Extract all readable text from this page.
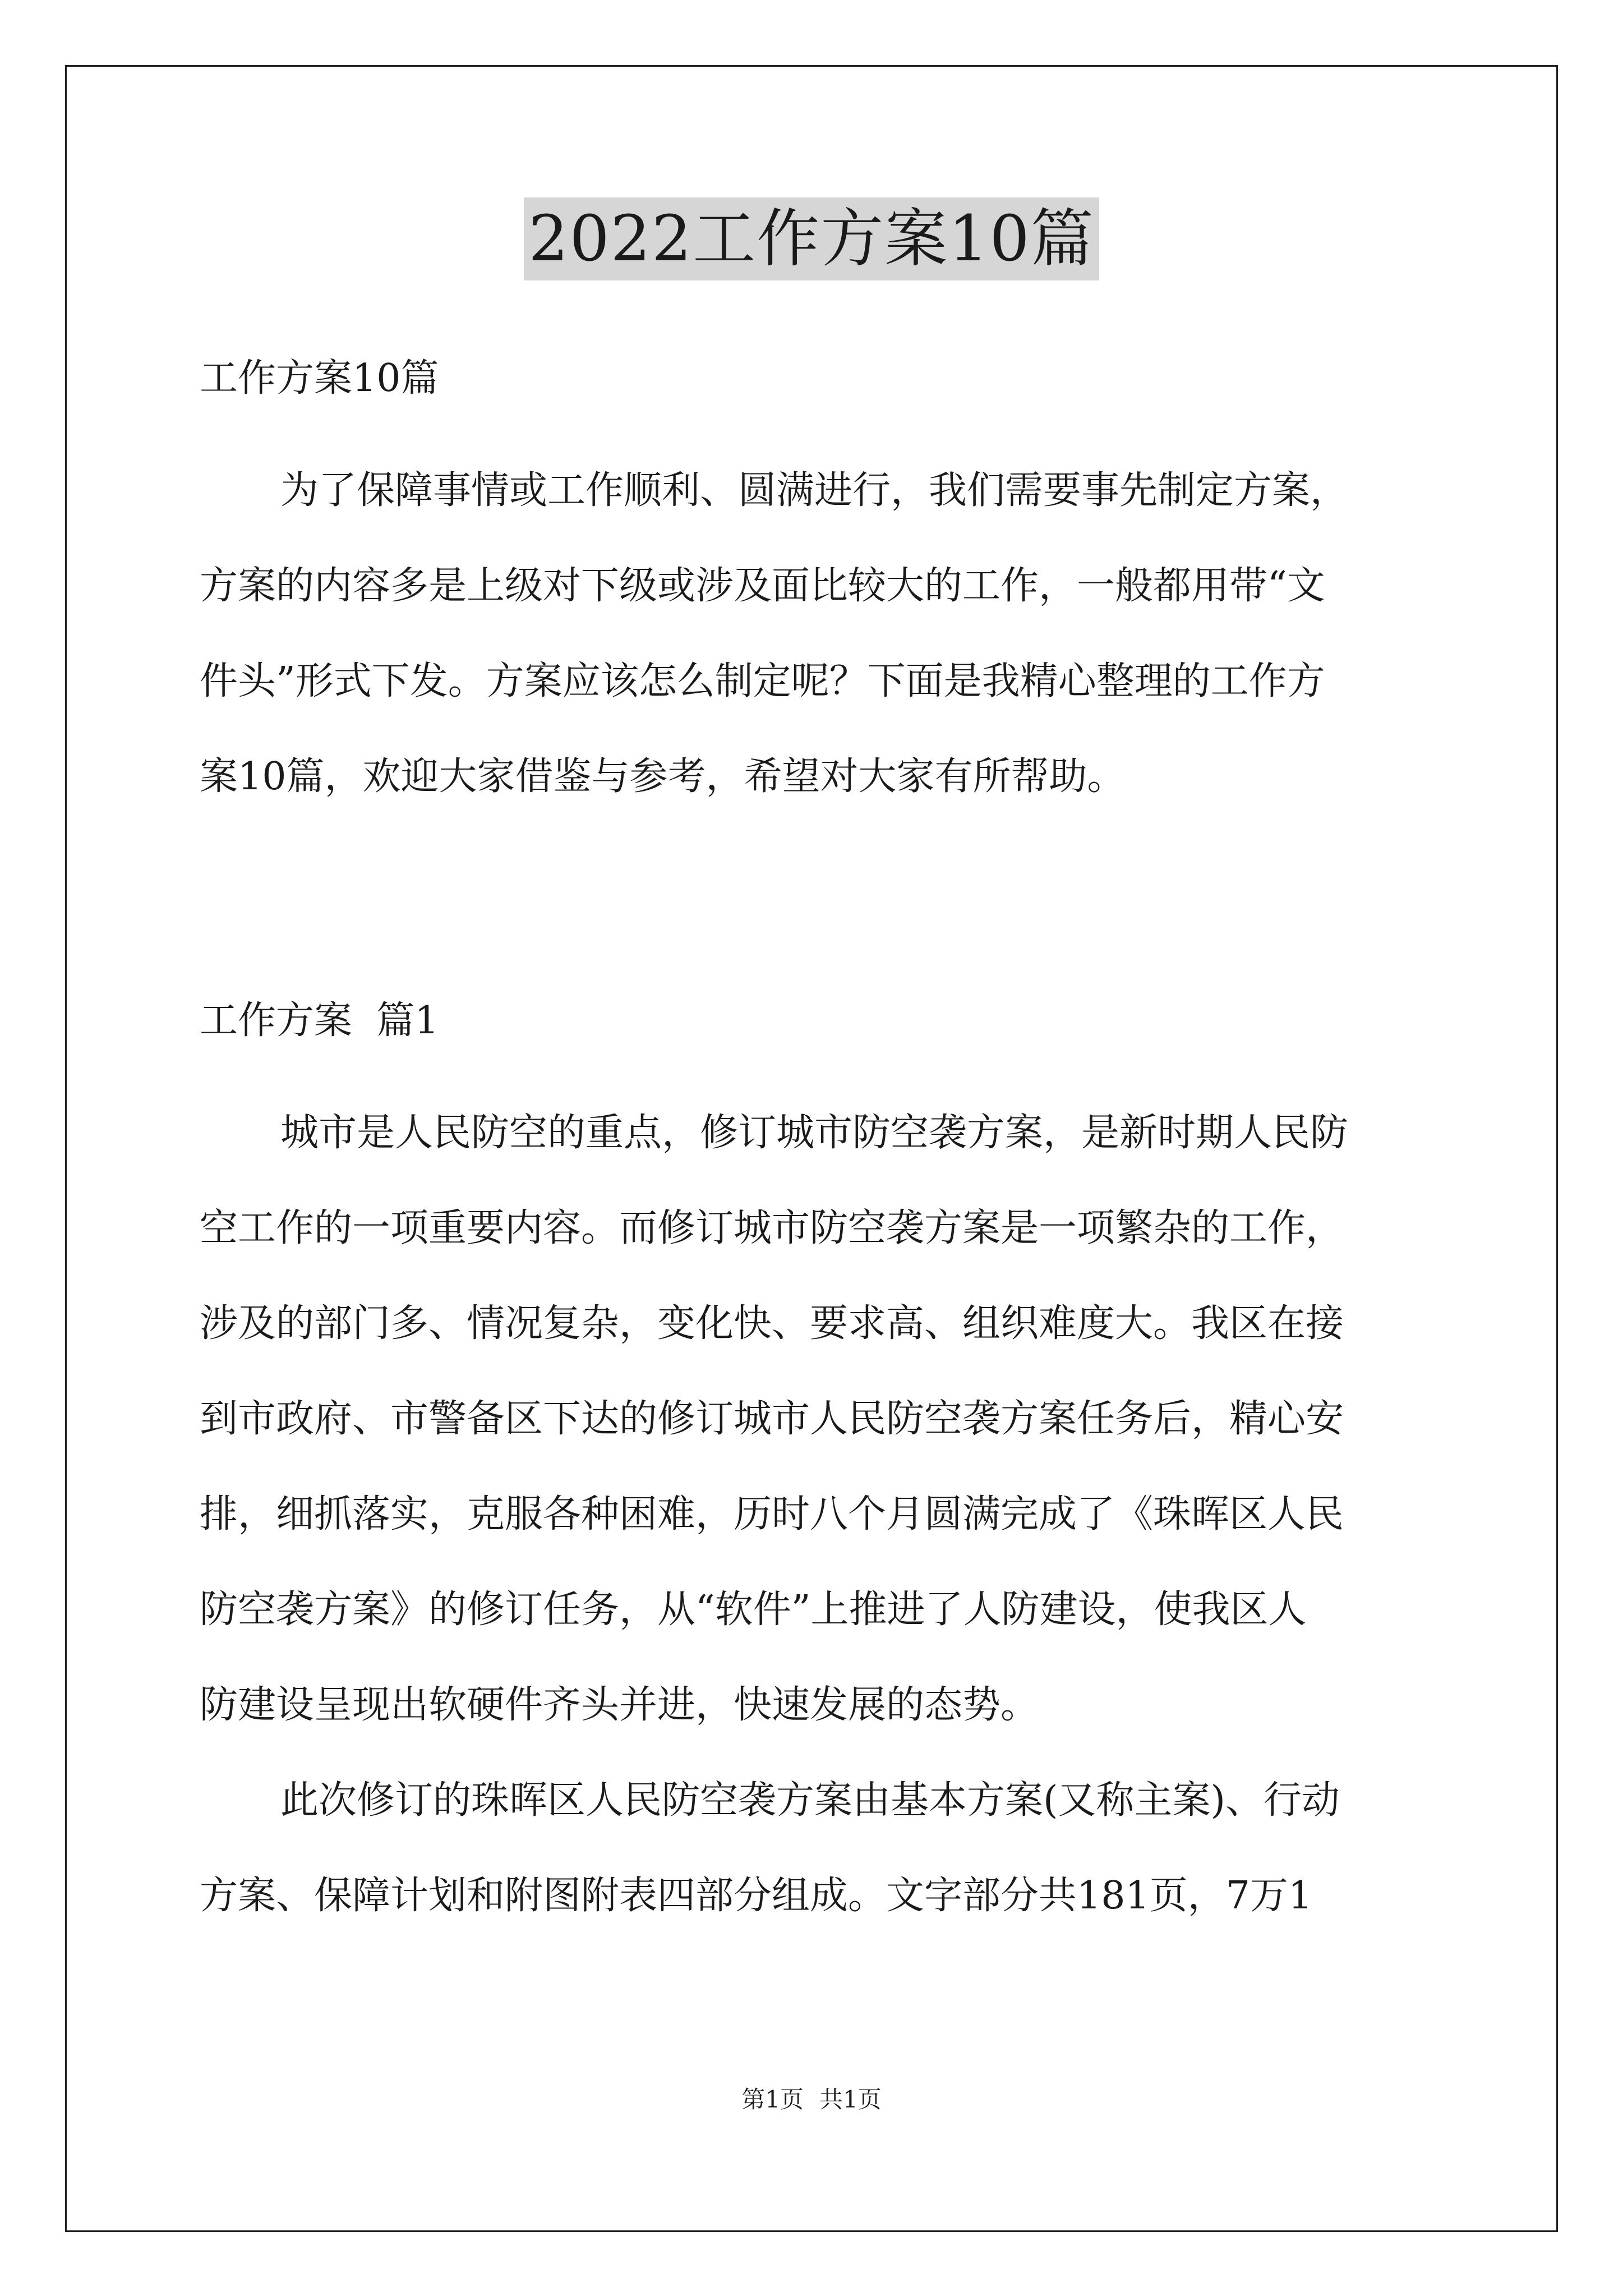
2022工作方案10篇

工作方案10篇

为了保障事情或工作顺利、圆满进行，我们需要事先制定方案，
方案的内容多是上级对下级或涉及面比较大的工作，一般都用带“文
件头”形式下发。方案应该怎么制定呢？下面是我精心整理的工作方
案10篇，欢迎大家借鉴与参考，希望对大家有所帮助。

工作方案  篇1

城市是人民防空的重点，修订城市防空袭方案，是新时期人民防
空工作的一项重要内容。而修订城市防空袭方案是一项繁杂的工作，
涉及的部门多、情况复杂，变化快、要求高、组织难度大。我区在接
到市政府、市警备区下达的修订城市人民防空袭方案任务后，精心安
排，细抓落实，克服各种困难，历时八个月圆满完成了《珠晖区人民
防空袭方案》的修订任务，从“软件”上推进了人防建设，使我区人
防建设呈现出软硬件齐头并进，快速发展的态势。

此次修订的珠晖区人民防空袭方案由基本方案(又称主案)、行动
方案、保障计划和附图附表四部分组成。文字部分共181页，7万1

第1页 共1页
